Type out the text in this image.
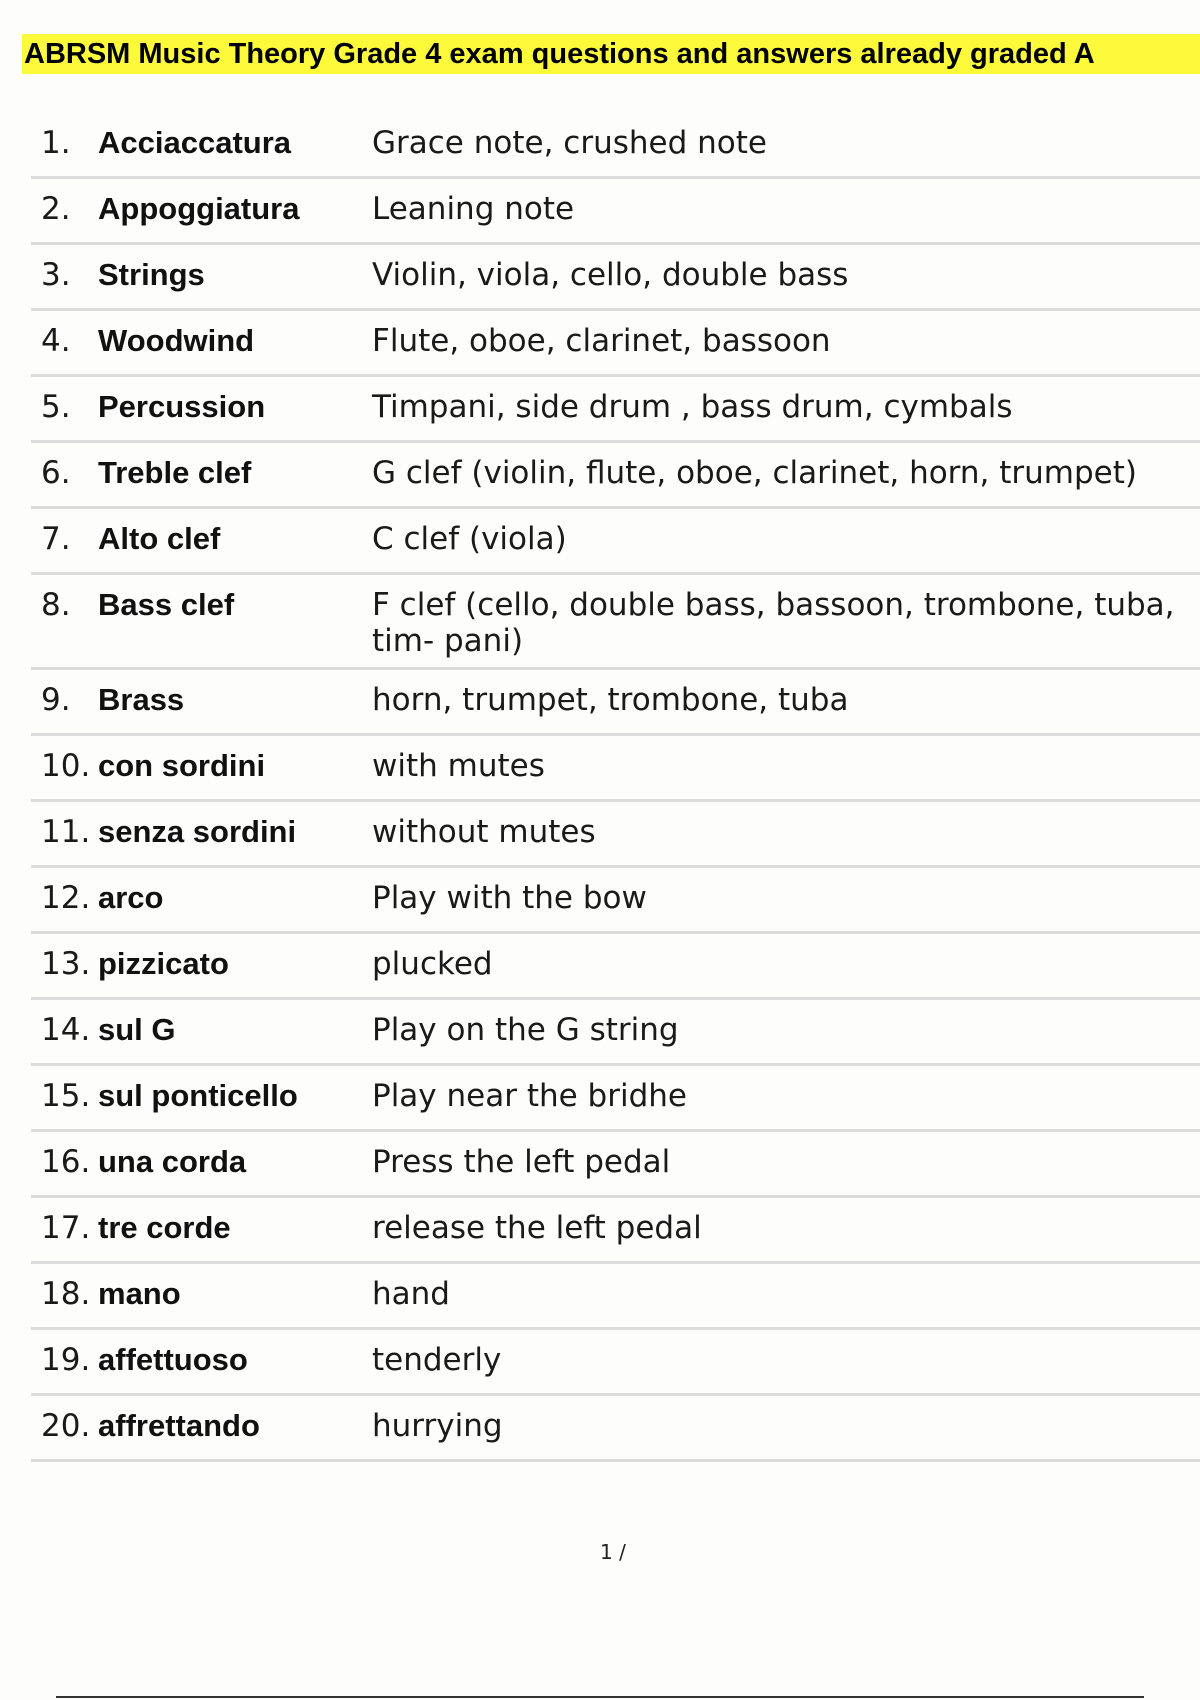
ABRSM Music Theory Grade 4 exam questions and answers already graded A
1. Acciaccatura	Grace note, crushed note
2. Appoggiatura	Leaning note
3. Strings	Violin, viola, cello, double bass
4. Woodwind	Flute, oboe, clarinet, bassoon
5. Percussion	Timpani, side drum , bass drum, cymbals
6. Treble clef	G clef (violin, flute, oboe, clarinet, horn, trumpet)
7. Alto clef	C clef (viola)
8. Bass clef	F clef (cello, double bass, bassoon, trombone, tuba, tim- pani)
9. Brass	horn, trumpet, trombone, tuba
10. con sordini	with mutes
11. senza sordini	without mutes
12. arco	Play with the bow
13. pizzicato	plucked
14. sul G	Play on the G string
15. sul ponticello	Play near the bridhe
16. una corda	Press the left pedal
17. tre corde	release the left pedal
18. mano	hand
19. affettuoso	tenderly
20. affrettando	hurrying
1 /
